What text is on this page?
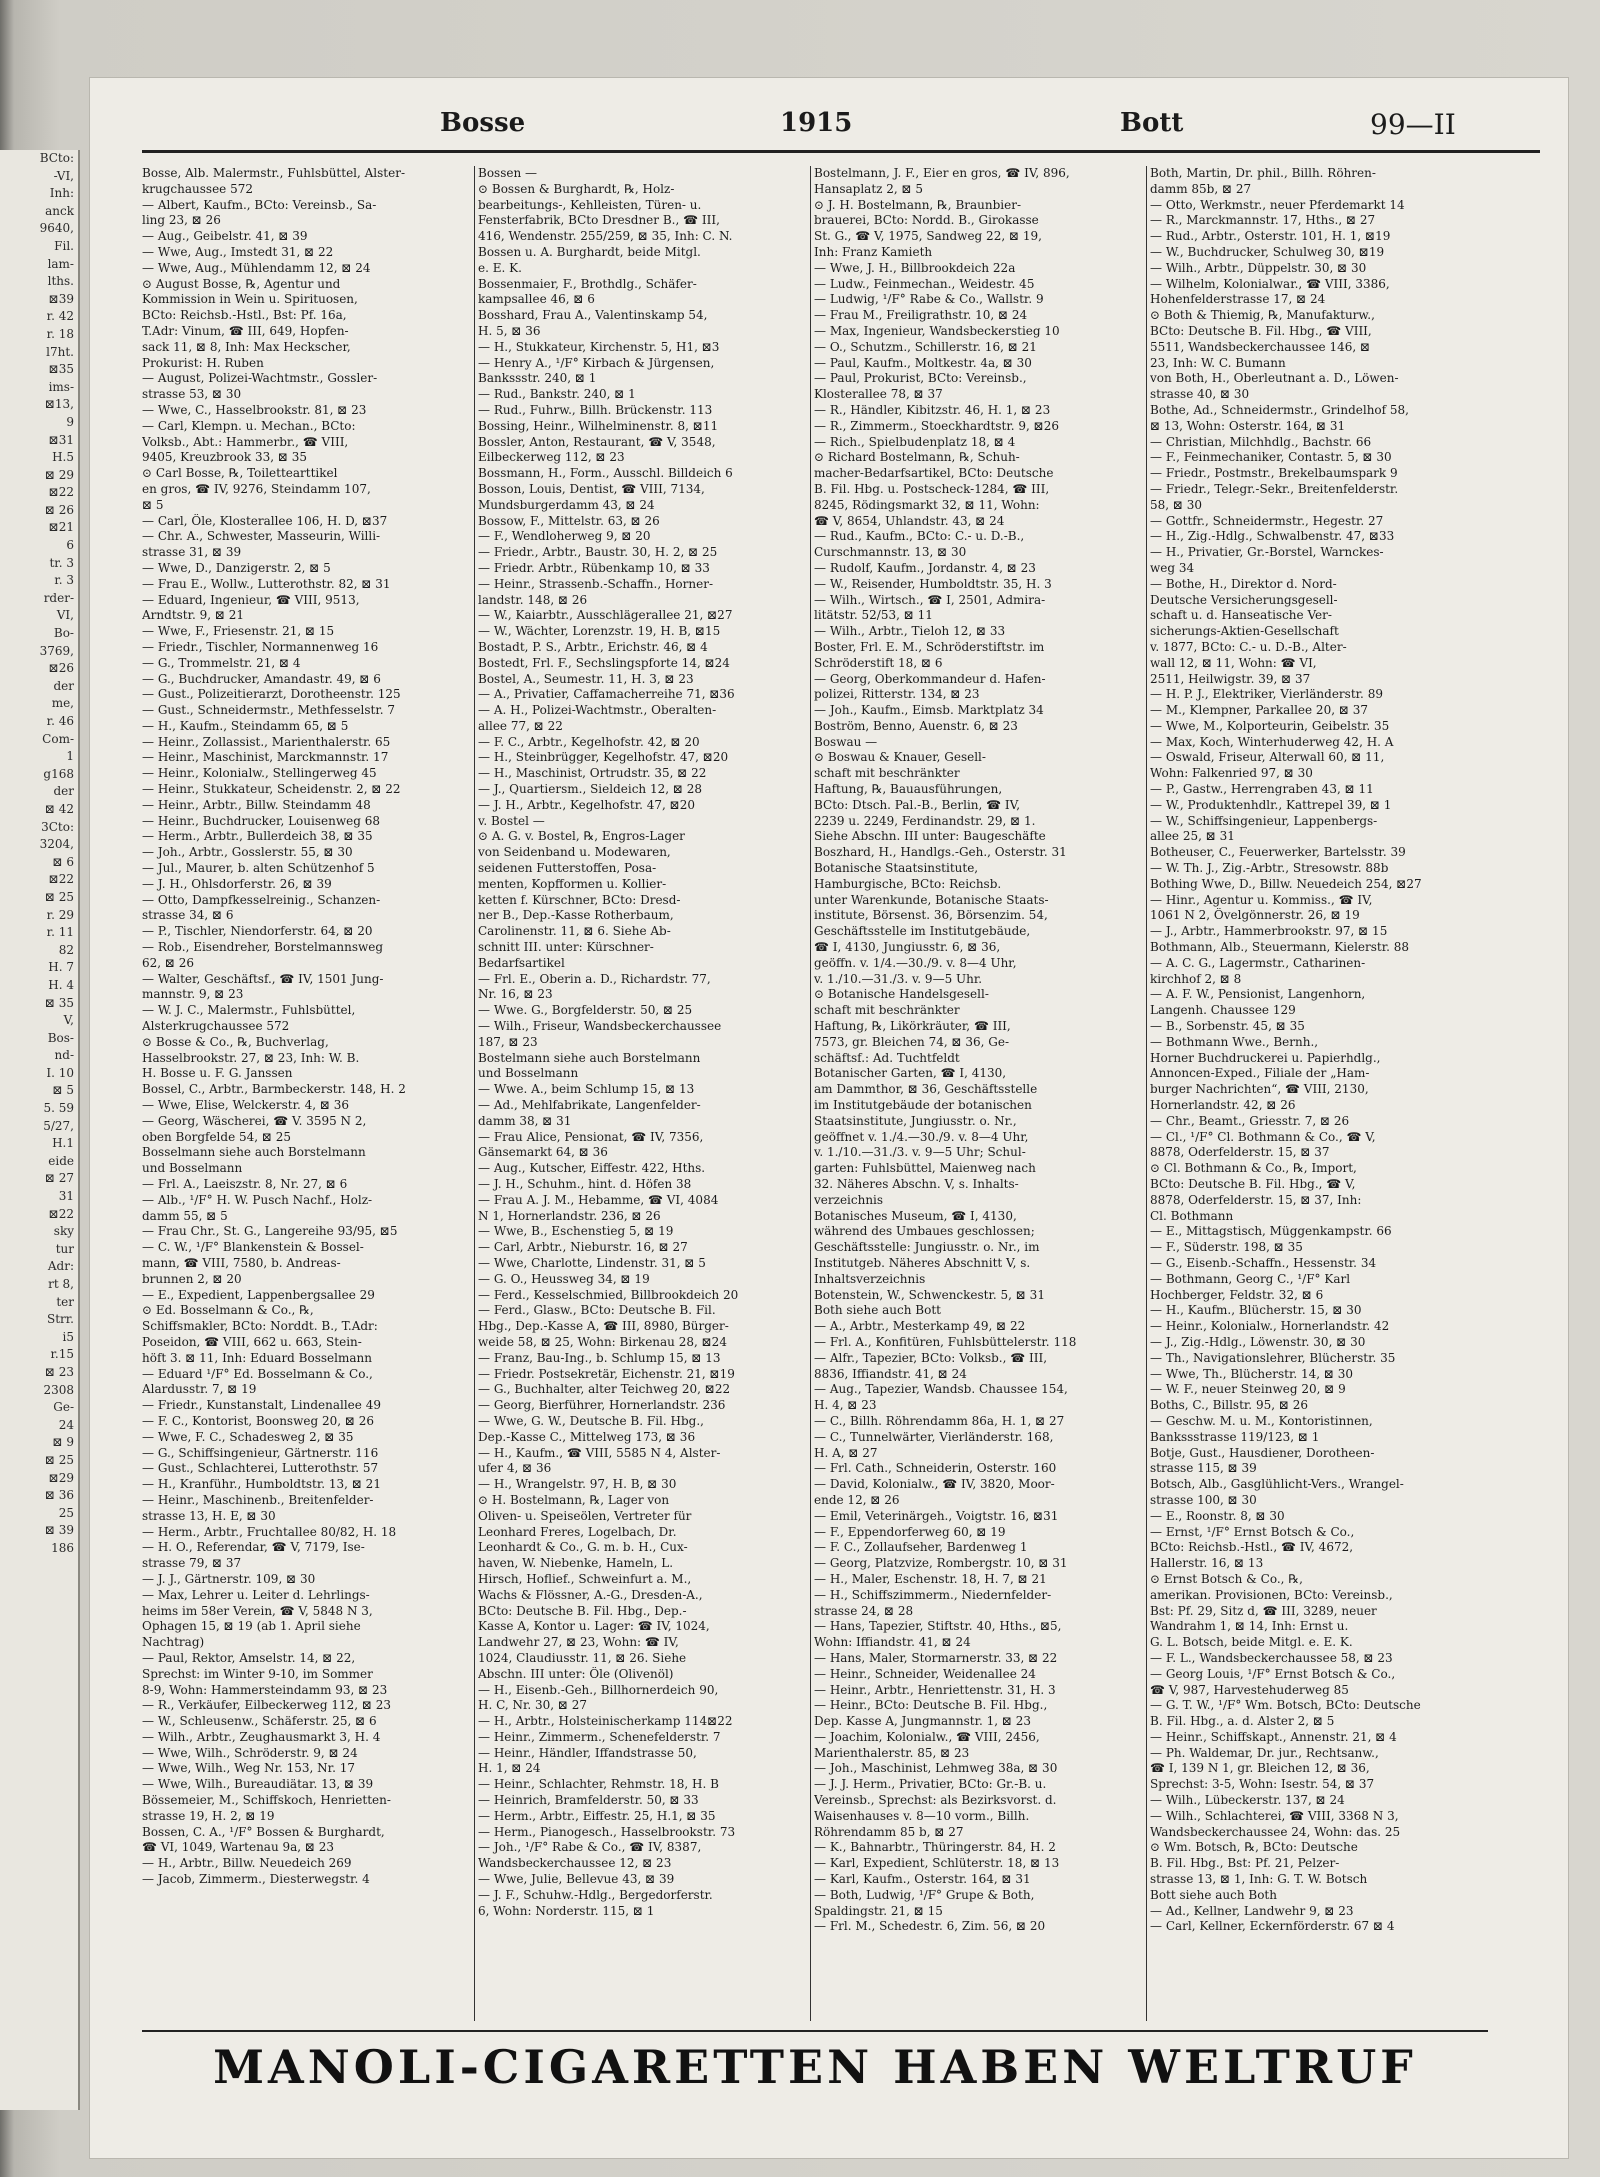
BCto:
-VI,
Inh:
anck
9640,
Fil.
lam-
lths.
⊠39
r. 42
r. 18
l7ht.
⊠35
ims-
⊠13,
9
⊠31
H.5
⊠ 29
⊠22
⊠ 26
⊠21
6
tr. 3
r. 3
rder-
VI,
Bo-
3769,
⊠26
der
me,
r. 46
Com-
1
g168
der
⊠ 42
3Cto:
3204,
⊠ 6
⊠22
⊠ 25
r. 29
r. 11
82
H. 7
H. 4
⊠ 35
V,
Bos-
nd-
I. 10
⊠ 5
5. 59
5/27,
H.1
eide
⊠ 27
31
⊠22
sky
tur
Adr:
rt 8,
ter
Strr.
i5
r.15
⊠ 23
2308
Ge-
24
⊠ 9
⊠ 25
⊠29
⊠ 36
25
⊠ 39
186
Bosse	1915	Bott	99—II
Bosse, Alb. Malermstr., Fuhlsbüttel, Alster-
krugchaussee 572
— Albert, Kaufm., BCto: Vereinsb., Sa-
ling 23, ⊠ 26
— Aug., Geibelstr. 41, ⊠ 39
— Wwe, Aug., Imstedt 31, ⊠ 22
— Wwe, Aug., Mühlendamm 12, ⊠ 24
⊙ August Bosse, ℞, Agentur und
Kommission in Wein u. Spirituosen,
BCto: Reichsb.-Hstl., Bst: Pf. 16a,
T.Adr: Vinum, ☎ III, 649, Hopfen-
sack 11, ⊠ 8, Inh: Max Heckscher,
Prokurist: H. Ruben
— August, Polizei-Wachtmstr., Gossler-
strasse 53, ⊠ 30
— Wwe, C., Hasselbrookstr. 81, ⊠ 23
— Carl, Klempn. u. Mechan., BCto:
Volksb., Abt.: Hammerbr., ☎ VIII,
9405, Kreuzbrook 33, ⊠ 35
⊙ Carl Bosse, ℞, Toilettearttikel
en gros, ☎ IV, 9276, Steindamm 107,
⊠ 5
— Carl, Öle, Klosterallee 106, H. D, ⊠37
— Chr. A., Schwester, Masseurin, Willi-
strasse 31, ⊠ 39
— Wwe, D., Danzigerstr. 2, ⊠ 5
— Frau E., Wollw., Lutterothstr. 82, ⊠ 31
— Eduard, Ingenieur, ☎ VIII, 9513,
Arndtstr. 9, ⊠ 21
— Wwe, F., Friesenstr. 21, ⊠ 15
— Friedr., Tischler, Normannenweg 16
— G., Trommelstr. 21, ⊠ 4
— G., Buchdrucker, Amandastr. 49, ⊠ 6
— Gust., Polizeitierarzt, Dorotheenstr. 125
— Gust., Schneidermstr., Methfesselstr. 7
— H., Kaufm., Steindamm 65, ⊠ 5
— Heinr., Zollassist., Marienthalerstr. 65
— Heinr., Maschinist, Marckmannstr. 17
— Heinr., Kolonialw., Stellingerweg 45
— Heinr., Stukkateur, Scheidenstr. 2, ⊠ 22
— Heinr., Arbtr., Billw. Steindamm 48
— Heinr., Buchdrucker, Louisenweg 68
— Herm., Arbtr., Bullerdeich 38, ⊠ 35
— Joh., Arbtr., Gosslerstr. 55, ⊠ 30
— Jul., Maurer, b. alten Schützenhof 5
— J. H., Ohlsdorferstr. 26, ⊠ 39
— Otto, Dampfkesselreinig., Schanzen-
strasse 34, ⊠ 6
— P., Tischler, Niendorferstr. 64, ⊠ 20
— Rob., Eisendreher, Borstelmannsweg
62, ⊠ 26
— Walter, Geschäftsf., ☎ IV, 1501 Jung-
mannstr. 9, ⊠ 23
— W. J. C., Malermstr., Fuhlsbüttel,
Alsterkrugchaussee 572
⊙ Bosse & Co., ℞, Buchverlag,
Hasselbrookstr. 27, ⊠ 23, Inh: W. B.
H. Bosse u. F. G. Janssen
Bossel, C., Arbtr., Barmbeckerstr. 148, H. 2
— Wwe, Elise, Welckerstr. 4, ⊠ 36
— Georg, Wäscherei, ☎ V. 3595 N 2,
oben Borgfelde 54, ⊠ 25
Bosselmann siehe auch Borstelmann
und Bosselmann
— Frl. A., Laeiszstr. 8, Nr. 27, ⊠ 6
— Alb., ¹/F° H. W. Pusch Nachf., Holz-
damm 55, ⊠ 5
— Frau Chr., St. G., Langereihe 93/95, ⊠5
— C. W., ¹/F° Blankenstein & Bossel-
mann, ☎ VIII, 7580, b. Andreas-
brunnen 2, ⊠ 20
— E., Expedient, Lappenbergsallee 29
⊙ Ed. Bosselmann & Co., ℞,
Schiffsmakler, BCto: Norddt. B., T.Adr:
Poseidon, ☎ VIII, 662 u. 663, Stein-
höft 3. ⊠ 11, Inh: Eduard Bosselmann
— Eduard ¹/F° Ed. Bosselmann & Co.,
Alardusstr. 7, ⊠ 19
— Friedr., Kunstanstalt, Lindenallee 49
— F. C., Kontorist, Boonsweg 20, ⊠ 26
— Wwe, F. C., Schadesweg 2, ⊠ 35
— G., Schiffsingenieur, Gärtnerstr. 116
— Gust., Schlachterei, Lutterothstr. 57
— H., Kranführ., Humboldtstr. 13, ⊠ 21
— Heinr., Maschinenb., Breitenfelder-
strasse 13, H. E, ⊠ 30
— Herm., Arbtr., Fruchtallee 80/82, H. 18
— H. O., Referendar, ☎ V, 7179, Ise-
strasse 79, ⊠ 37
— J. J., Gärtnerstr. 109, ⊠ 30
— Max, Lehrer u. Leiter d. Lehrlings-
heims im 58er Verein, ☎ V, 5848 N 3,
Ophagen 15, ⊠ 19 (ab 1. April siehe
Nachtrag)
— Paul, Rektor, Amselstr. 14, ⊠ 22,
Sprechst: im Winter 9-10, im Sommer
8-9, Wohn: Hammersteindamm 93, ⊠ 23
— R., Verkäufer, Eilbeckerweg 112, ⊠ 23
— W., Schleusenw., Schäferstr. 25, ⊠ 6
— Wilh., Arbtr., Zeughausmarkt 3, H. 4
— Wwe, Wilh., Schröderstr. 9, ⊠ 24
— Wwe, Wilh., Weg Nr. 153, Nr. 17
— Wwe, Wilh., Bureaudiätar. 13, ⊠ 39
Bössemeier, M., Schiffskoch, Henrietten-
strasse 19, H. 2, ⊠ 19
Bossen, C. A., ¹/F° Bossen & Burghardt,
☎ VI, 1049, Wartenau 9a, ⊠ 23
— H., Arbtr., Billw. Neuedeich 269
— Jacob, Zimmerm., Diesterwegstr. 4
Bossen —
⊙ Bossen & Burghardt, ℞, Holz-
bearbeitungs-, Kehlleisten, Türen- u.
Fensterfabrik, BCto Dresdner B., ☎ III,
416, Wendenstr. 255/259, ⊠ 35, Inh: C. N.
Bossen u. A. Burghardt, beide Mitgl.
e. E. K.
Bossenmaier, F., Brothdlg., Schäfer-
kampsallee 46, ⊠ 6
Bosshard, Frau A., Valentinskamp 54,
H. 5, ⊠ 36
— H., Stukkateur, Kirchenstr. 5, H1, ⊠3
— Henry A., ¹/F° Kirbach & Jürgensen,
Bankssstr. 240, ⊠ 1
— Rud., Bankstr. 240, ⊠ 1
— Rud., Fuhrw., Billh. Brückenstr. 113
Bossing, Heinr., Wilhelminenstr. 8, ⊠11
Bossler, Anton, Restaurant, ☎ V, 3548,
Eilbeckerweg 112, ⊠ 23
Bossmann, H., Form., Ausschl. Billdeich 6
Bosson, Louis, Dentist, ☎ VIII, 7134,
Mundsburgerdamm 43, ⊠ 24
Bossow, F., Mittelstr. 63, ⊠ 26
— F., Wendloherweg 9, ⊠ 20
— Friedr., Arbtr., Baustr. 30, H. 2, ⊠ 25
— Friedr. Arbtr., Rübenkamp 10, ⊠ 33
— Heinr., Strassenb.-Schaffn., Horner-
landstr. 148, ⊠ 26
— W., Kaiarbtr., Ausschlägerallee 21, ⊠27
— W., Wächter, Lorenzstr. 19, H. B, ⊠15
Bostadt, P. S., Arbtr., Erichstr. 46, ⊠ 4
Bostedt, Frl. F., Sechslingspforte 14, ⊠24
Bostel, A., Seumestr. 11, H. 3, ⊠ 23
— A., Privatier, Caffamacherreihe 71, ⊠36
— A. H., Polizei-Wachtmstr., Oberalten-
allee 77, ⊠ 22
— F. C., Arbtr., Kegelhofstr. 42, ⊠ 20
— H., Steinbrügger, Kegelhofstr. 47, ⊠20
— H., Maschinist, Ortrudstr. 35, ⊠ 22
— J., Quartiersm., Sieldeich 12, ⊠ 28
— J. H., Arbtr., Kegelhofstr. 47, ⊠20
v. Bostel —
⊙ A. G. v. Bostel, ℞, Engros-Lager
von Seidenband u. Modewaren,
seidenen Futterstoffen, Posa-
menten, Kopfformen u. Kollier-
ketten f. Kürschner, BCto: Dresd-
ner B., Dep.-Kasse Rotherbaum,
Carolinenstr. 11, ⊠ 6. Siehe Ab-
schnitt III. unter: Kürschner-
Bedarfsartikel
— Frl. E., Oberin a. D., Richardstr. 77,
Nr. 16, ⊠ 23
— Wwe. G., Borgfelderstr. 50, ⊠ 25
— Wilh., Friseur, Wandsbeckerchaussee
187, ⊠ 23
Bostelmann siehe auch Borstelmann
und Bosselmann
— Wwe. A., beim Schlump 15, ⊠ 13
— Ad., Mehlfabrikate, Langenfelder-
damm 38, ⊠ 31
— Frau Alice, Pensionat, ☎ IV, 7356,
Gänsemarkt 64, ⊠ 36
— Aug., Kutscher, Eiffestr. 422, Hths.
— J. H., Schuhm., hint. d. Höfen 38
— Frau A. J. M., Hebamme, ☎ VI, 4084
N 1, Hornerlandstr. 236, ⊠ 26
— Wwe, B., Eschenstieg 5, ⊠ 19
— Carl, Arbtr., Nieburstr. 16, ⊠ 27
— Wwe, Charlotte, Lindenstr. 31, ⊠ 5
— G. O., Heussweg 34, ⊠ 19
— Ferd., Kesselschmied, Billbrookdeich 20
— Ferd., Glasw., BCto: Deutsche B. Fil.
Hbg., Dep.-Kasse A, ☎ III, 8980, Bürger-
weide 58, ⊠ 25, Wohn: Birkenau 28, ⊠24
— Franz, Bau-Ing., b. Schlump 15, ⊠ 13
— Friedr. Postsekretär, Eichenstr. 21, ⊠19
— G., Buchhalter, alter Teichweg 20, ⊠22
— Georg, Bierführer, Hornerlandstr. 236
— Wwe, G. W., Deutsche B. Fil. Hbg.,
Dep.-Kasse C., Mittelweg 173, ⊠ 36
— H., Kaufm., ☎ VIII, 5585 N 4, Alster-
ufer 4, ⊠ 36
— H., Wrangelstr. 97, H. B, ⊠ 30
⊙ H. Bostelmann, ℞, Lager von
Oliven- u. Speiseölen, Vertreter für
Leonhard Freres, Logelbach, Dr.
Leonhardt & Co., G. m. b. H., Cux-
haven, W. Niebenke, Hameln, L.
Hirsch, Hoflief., Schweinfurt a. M.,
Wachs & Flössner, A.-G., Dresden-A.,
BCto: Deutsche B. Fil. Hbg., Dep.-
Kasse A, Kontor u. Lager: ☎ IV, 1024,
Landwehr 27, ⊠ 23, Wohn: ☎ IV,
1024, Claudiusstr. 11, ⊠ 26. Siehe
Abschn. III unter: Öle (Olivenöl)
— H., Eisenb.-Geh., Billhornerdeich 90,
H. C, Nr. 30, ⊠ 27
— H., Arbtr., Holsteinischerkamp 114⊠22
— Heinr., Zimmerm., Schenefelderstr. 7
— Heinr., Händler, Iffandstrasse 50,
H. 1, ⊠ 24
— Heinr., Schlachter, Rehmstr. 18, H. B
— Heinrich, Bramfelderstr. 50, ⊠ 33
— Herm., Arbtr., Eiffestr. 25, H.1, ⊠ 35
— Herm., Pianogesch., Hasselbrookstr. 73
— Joh., ¹/F° Rabe & Co., ☎ IV, 8387,
Wandsbeckerchaussee 12, ⊠ 23
— Wwe, Julie, Bellevue 43, ⊠ 39
— J. F., Schuhw.-Hdlg., Bergedorferstr.
6, Wohn: Norderstr. 115, ⊠ 1
Bostelmann, J. F., Eier en gros, ☎ IV, 896,
Hansaplatz 2, ⊠ 5
⊙ J. H. Bostelmann, ℞, Braunbier-
brauerei, BCto: Nordd. B., Girokasse
St. G., ☎ V, 1975, Sandweg 22, ⊠ 19,
Inh: Franz Kamieth
— Wwe, J. H., Billbrookdeich 22a
— Ludw., Feinmechan., Weidestr. 45
— Ludwig, ¹/F° Rabe & Co., Wallstr. 9
— Frau M., Freiligrathstr. 10, ⊠ 24
— Max, Ingenieur, Wandsbeckerstieg 10
— O., Schutzm., Schillerstr. 16, ⊠ 21
— Paul, Kaufm., Moltkestr. 4a, ⊠ 30
— Paul, Prokurist, BCto: Vereinsb.,
Klosterallee 78, ⊠ 37
— R., Händler, Kibitzstr. 46, H. 1, ⊠ 23
— R., Zimmerm., Stoeckhardtstr. 9, ⊠26
— Rich., Spielbudenplatz 18, ⊠ 4
⊙ Richard Bostelmann, ℞, Schuh-
macher-Bedarfsartikel, BCto: Deutsche
B. Fil. Hbg. u. Postscheck-1284, ☎ III,
8245, Rödingsmarkt 32, ⊠ 11, Wohn:
☎ V, 8654, Uhlandstr. 43, ⊠ 24
— Rud., Kaufm., BCto: C.- u. D.-B.,
Curschmannstr. 13, ⊠ 30
— Rudolf, Kaufm., Jordanstr. 4, ⊠ 23
— W., Reisender, Humboldtstr. 35, H. 3
— Wilh., Wirtsch., ☎ I, 2501, Admira-
litätstr. 52/53, ⊠ 11
— Wilh., Arbtr., Tieloh 12, ⊠ 33
Boster, Frl. E. M., Schröderstiftstr. im
Schröderstift 18, ⊠ 6
— Georg, Oberkommandeur d. Hafen-
polizei, Ritterstr. 134, ⊠ 23
— Joh., Kaufm., Eimsb. Marktplatz 34
Boström, Benno, Auenstr. 6, ⊠ 23
Boswau —
⊙ Boswau & Knauer, Gesell-
schaft mit beschränkter
Haftung, ℞, Bauausführungen,
BCto: Dtsch. Pal.-B., Berlin, ☎ IV,
2239 u. 2249, Ferdinandstr. 29, ⊠ 1.
Siehe Abschn. III unter: Baugeschäfte
Boszhard, H., Handlgs.-Geh., Osterstr. 31
Botanische Staatsinstitute,
Hamburgische, BCto: Reichsb.
unter Warenkunde, Botanische Staats-
institute, Börsenst. 36, Börsenzim. 54,
Geschäftsstelle im Institutgebäude,
☎ I, 4130, Jungiusstr. 6, ⊠ 36,
geöffn. v. 1/4.—30./9. v. 8—4 Uhr,
v. 1./10.—31./3. v. 9—5 Uhr.
⊙ Botanische Handelsgesell-
schaft mit beschränkter
Haftung, ℞, Likörkräuter, ☎ III,
7573, gr. Bleichen 74, ⊠ 36, Ge-
schäftsf.: Ad. Tuchtfeldt
Botanischer Garten, ☎ I, 4130,
am Dammthor, ⊠ 36, Geschäftsstelle
im Institutgebäude der botanischen
Staatsinstitute, Jungiusstr. o. Nr.,
geöffnet v. 1./4.—30./9. v. 8—4 Uhr,
v. 1./10.—31./3. v. 9—5 Uhr; Schul-
garten: Fuhlsbüttel, Maienweg nach
32. Näheres Abschn. V, s. Inhalts-
verzeichnis
Botanisches Museum, ☎ I, 4130,
während des Umbaues geschlossen;
Geschäftsstelle: Jungiusstr. o. Nr., im
Institutgeb. Näheres Abschnitt V, s.
Inhaltsverzeichnis
Botenstein, W., Schwenckestr. 5, ⊠ 31
Both siehe auch Bott
— A., Arbtr., Mesterkamp 49, ⊠ 22
— Frl. A., Konfitüren, Fuhlsbüttelerstr. 118
— Alfr., Tapezier, BCto: Volksb., ☎ III,
8836, Iffiandstr. 41, ⊠ 24
— Aug., Tapezier, Wandsb. Chaussee 154,
H. 4, ⊠ 23
— C., Billh. Röhrendamm 86a, H. 1, ⊠ 27
— C., Tunnelwärter, Vierländerstr. 168,
H. A, ⊠ 27
— Frl. Cath., Schneiderin, Osterstr. 160
— David, Kolonialw., ☎ IV, 3820, Moor-
ende 12, ⊠ 26
— Emil, Veterinärgeh., Voigtstr. 16, ⊠31
— F., Eppendorferweg 60, ⊠ 19
— F. C., Zollaufseher, Bardenweg 1
— Georg, Platzvize, Rombergstr. 10, ⊠ 31
— H., Maler, Eschenstr. 18, H. 7, ⊠ 21
— H., Schiffszimmerm., Niedernfelder-
strasse 24, ⊠ 28
— Hans, Tapezier, Stiftstr. 40, Hths., ⊠5,
Wohn: Iffiandstr. 41, ⊠ 24
— Hans, Maler, Stormarnerstr. 33, ⊠ 22
— Heinr., Schneider, Weidenallee 24
— Heinr., Arbtr., Henriettenstr. 31, H. 3
— Heinr., BCto: Deutsche B. Fil. Hbg.,
Dep. Kasse A, Jungmannstr. 1, ⊠ 23
— Joachim, Kolonialw., ☎ VIII, 2456,
Marienthalerstr. 85, ⊠ 23
— Joh., Maschinist, Lehmweg 38a, ⊠ 30
— J. J. Herm., Privatier, BCto: Gr.-B. u.
Vereinsb., Sprechst: als Bezirksvorst. d.
Waisenhauses v. 8—10 vorm., Billh.
Röhrendamm 85 b, ⊠ 27
— K., Bahnarbtr., Thüringerstr. 84, H. 2
— Karl, Expedient, Schlüterstr. 18, ⊠ 13
— Karl, Kaufm., Osterstr. 164, ⊠ 31
— Both, Ludwig, ¹/F° Grupe & Both,
Spaldingstr. 21, ⊠ 15
— Frl. M., Schedestr. 6, Zim. 56, ⊠ 20
Both, Martin, Dr. phil., Billh. Röhren-
damm 85b, ⊠ 27
— Otto, Werkmstr., neuer Pferdemarkt 14
— R., Marckmannstr. 17, Hths., ⊠ 27
— Rud., Arbtr., Osterstr. 101, H. 1, ⊠19
— W., Buchdrucker, Schulweg 30, ⊠19
— Wilh., Arbtr., Düppelstr. 30, ⊠ 30
— Wilhelm, Kolonialwar., ☎ VIII, 3386,
Hohenfelderstrasse 17, ⊠ 24
⊙ Both & Thiemig, ℞, Manufakturw.,
BCto: Deutsche B. Fil. Hbg., ☎ VIII,
5511, Wandsbeckerchaussee 146, ⊠
23, Inh: W. C. Bumann
von Both, H., Oberleutnant a. D., Löwen-
strasse 40, ⊠ 30
Bothe, Ad., Schneidermstr., Grindelhof 58,
⊠ 13, Wohn: Osterstr. 164, ⊠ 31
— Christian, Milchhdlg., Bachstr. 66
— F., Feinmechaniker, Contastr. 5, ⊠ 30
— Friedr., Postmstr., Brekelbaumspark 9
— Friedr., Telegr.-Sekr., Breitenfelderstr.
58, ⊠ 30
— Gottfr., Schneidermstr., Hegestr. 27
— H., Zig.-Hdlg., Schwalbenstr. 47, ⊠33
— H., Privatier, Gr.-Borstel, Warnckes-
weg 34
— Bothe, H., Direktor d. Nord-
Deutsche Versicherungsgesell-
schaft u. d. Hanseatische Ver-
sicherungs-Aktien-Gesellschaft
v. 1877, BCto: C.- u. D.-B., Alter-
wall 12, ⊠ 11, Wohn: ☎ VI,
2511, Heilwigstr. 39, ⊠ 37
— H. P. J., Elektriker, Vierländerstr. 89
— M., Klempner, Parkallee 20, ⊠ 37
— Wwe, M., Kolporteurin, Geibelstr. 35
— Max, Koch, Winterhuderweg 42, H. A
— Oswald, Friseur, Alterwall 60, ⊠ 11,
Wohn: Falkenried 97, ⊠ 30
— P., Gastw., Herrengraben 43, ⊠ 11
— W., Produktenhdlr., Kattrepel 39, ⊠ 1
— W., Schiffsingenieur, Lappenbergs-
allee 25, ⊠ 31
Botheuser, C., Feuerwerker, Bartelsstr. 39
— W. Th. J., Zig.-Arbtr., Stresowstr. 88b
Bothing Wwe, D., Billw. Neuedeich 254, ⊠27
— Hinr., Agentur u. Kommiss., ☎ IV,
1061 N 2, Övelgönnerstr. 26, ⊠ 19
— J., Arbtr., Hammerbrookstr. 97, ⊠ 15
Bothmann, Alb., Steuermann, Kielerstr. 88
— A. C. G., Lagermstr., Catharinen-
kirchhof 2, ⊠ 8
— A. F. W., Pensionist, Langenhorn,
Langenh. Chaussee 129
— B., Sorbenstr. 45, ⊠ 35
— Bothmann Wwe., Bernh.,
Horner Buchdruckerei u. Papierhdlg.,
Annoncen-Exped., Filiale der „Ham-
burger Nachrichten“, ☎ VIII, 2130,
Hornerlandstr. 42, ⊠ 26
— Chr., Beamt., Griesstr. 7, ⊠ 26
— Cl., ¹/F° Cl. Bothmann & Co., ☎ V,
8878, Oderfelderstr. 15, ⊠ 37
⊙ Cl. Bothmann & Co., ℞, Import,
BCto: Deutsche B. Fil. Hbg., ☎ V,
8878, Oderfelderstr. 15, ⊠ 37, Inh:
Cl. Bothmann
— E., Mittagstisch, Müggenkampstr. 66
— F., Süderstr. 198, ⊠ 35
— G., Eisenb.-Schaffn., Hessenstr. 34
— Bothmann, Georg C., ¹/F° Karl
Hochberger, Feldstr. 32, ⊠ 6
— H., Kaufm., Blücherstr. 15, ⊠ 30
— Heinr., Kolonialw., Hornerlandstr. 42
— J., Zig.-Hdlg., Löwenstr. 30, ⊠ 30
— Th., Navigationslehrer, Blücherstr. 35
— Wwe, Th., Blücherstr. 14, ⊠ 30
— W. F., neuer Steinweg 20, ⊠ 9
Boths, C., Billstr. 95, ⊠ 26
— Geschw. M. u. M., Kontoristinnen,
Bankssstrasse 119/123, ⊠ 1
Botje, Gust., Hausdiener, Dorotheen-
strasse 115, ⊠ 39
Botsch, Alb., Gasglühlicht-Vers., Wrangel-
strasse 100, ⊠ 30
— E., Roonstr. 8, ⊠ 30
— Ernst, ¹/F° Ernst Botsch & Co.,
BCto: Reichsb.-Hstl., ☎ IV, 4672,
Hallerstr. 16, ⊠ 13
⊙ Ernst Botsch & Co., ℞,
amerikan. Provisionen, BCto: Vereinsb.,
Bst: Pf. 29, Sitz d, ☎ III, 3289, neuer
Wandrahm 1, ⊠ 14, Inh: Ernst u.
G. L. Botsch, beide Mitgl. e. E. K.
— F. L., Wandsbeckerchaussee 58, ⊠ 23
— Georg Louis, ¹/F° Ernst Botsch & Co.,
☎ V, 987, Harvestehuderweg 85
— G. T. W., ¹/F° Wm. Botsch, BCto: Deutsche
B. Fil. Hbg., a. d. Alster 2, ⊠ 5
— Heinr., Schiffskapt., Annenstr. 21, ⊠ 4
— Ph. Waldemar, Dr. jur., Rechtsanw.,
☎ I, 139 N 1, gr. Bleichen 12, ⊠ 36,
Sprechst: 3-5, Wohn: Isestr. 54, ⊠ 37
— Wilh., Lübeckerstr. 137, ⊠ 24
— Wilh., Schlachterei, ☎ VIII, 3368 N 3,
Wandsbeckerchaussee 24, Wohn: das. 25
⊙ Wm. Botsch, ℞, BCto: Deutsche
B. Fil. Hbg., Bst: Pf. 21, Pelzer-
strasse 13, ⊠ 1, Inh: G. T. W. Botsch
Bott siehe auch Both
— Ad., Kellner, Landwehr 9, ⊠ 23
— Carl, Kellner, Eckernförderstr. 67 ⊠ 4
MANOLI-CIGARETTEN HABEN WELTRUF
